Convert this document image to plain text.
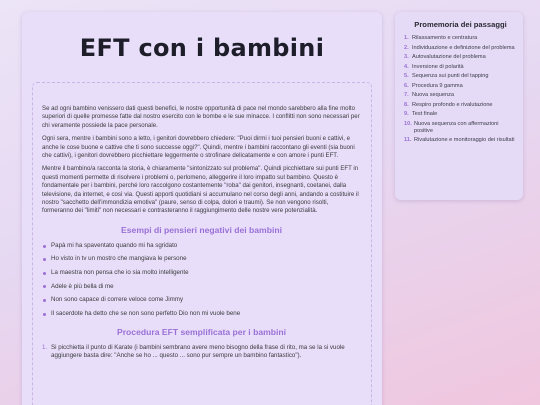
EFT con i bambini

Se ad ogni bambino venissero dati questi benefici, le nostre opportunità di pace nel mondo sarebbero alla fine molto superiori di quelle promesse fatte dal nostro esercito con le bombe e le sue minacce. I conflitti non sono necessari per chi veramente possiede la pace personale.

Ogni sera, mentre i bambini sono a letto, i genitori dovrebbero chiedere: "Puoi dirmi i tuoi pensieri buoni e cattivi, e anche le cose buone e cattive che ti sono successe oggi?". Quindi, mentre i bambini raccontano gli eventi (sia buoni che cattivi), i genitori dovrebbero picchiettare leggermente o strofinare delicatamente e con amore i punti EFT.

Mentre il bambino/a racconta la storia, è chiaramente "sintonizzato sul problema". Quindi picchiettare sui punti EFT in questi momenti permette di risolvere i problemi o, perlomeno, alleggerire il loro impatto sul bambino. Questo è fondamentale per i bambini, perché loro raccolgono costantemente "roba" dai genitori, insegnanti, coetanei, dalla televisione, da internet, e così via. Questi apporti quotidiani si accumulano nel corso degli anni, andando a costituire il nostro "sacchetto dell'immondizia emotiva" (paure, senso di colpa, dolori e traumi). Se non vengono risolti, formeranno dei "limiti" non necessari e contrasteranno il raggiungimento delle nostre vere potenzialità.

Esempi di pensieri negativi dei bambini
Papà mi ha spaventato quando mi ha sgridato
Ho visto in tv un mostro che mangiava le persone
La maestra non pensa che io sia molto intelligente
Adele è più bella di me
Non sono capace di correre veloce come Jimmy
Il sacerdote ha detto che se non sono perfetto Dio non mi vuole bene
Procedura EFT semplificata per i bambini
1. Si picchietta il punto di Karate (i bambini sembrano avere meno bisogno della frase di rito, ma se la si vuole aggiungere basta dire: "Anche se ho ... questo ... sono pur sempre un bambino fantastico").
Promemoria dei passaggi
1. Rilassamento e centratura
2. Individuazione e definizione del problema
3. Autovalutazione del problema
4. Inversione di polarità
5. Sequenza sui punti del tapping
6. Procedura 9 gamma
7. Nuova sequenza
8. Respiro profondo e rivalutazione
9. Test finale
10. Nuova sequenza con affermazioni positive
11. Rivalutazione e monitoraggio dei risultati
